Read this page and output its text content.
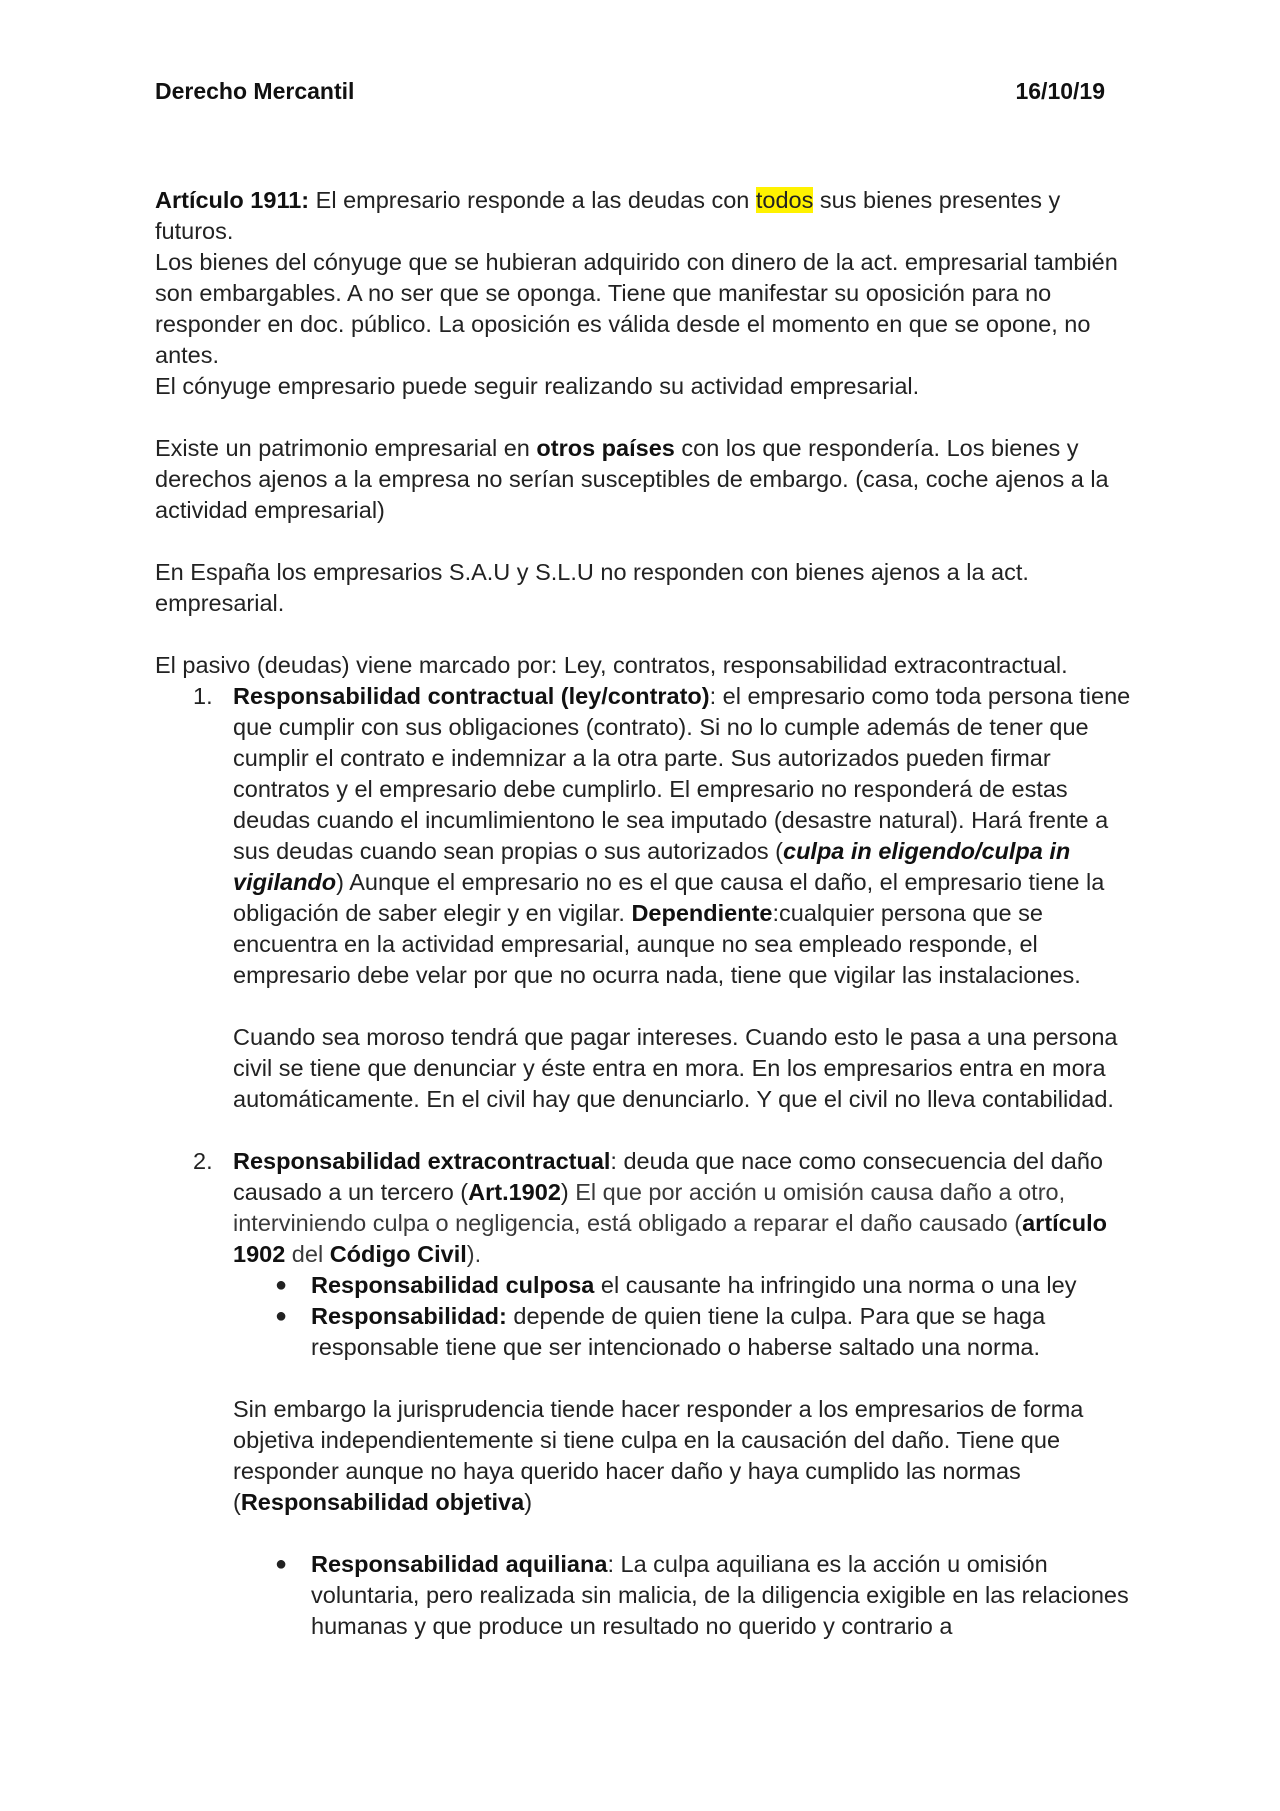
Derecho Mercantil	16/10/19

Artículo 1911: El empresario responde a las deudas con todos sus bienes presentes y futuros.

Los bienes del cónyuge que se hubieran adquirido con dinero de la act. empresarial también son embargables. A no ser que se oponga. Tiene que manifestar su oposición para no responder en doc. público. La oposición es válida desde el momento en que se opone, no antes.

El cónyuge empresario puede seguir realizando su actividad empresarial.

Existe un patrimonio empresarial en otros países con los que respondería. Los bienes y derechos ajenos a la empresa no serían susceptibles de embargo. (casa, coche ajenos a la actividad empresarial)

En España los empresarios S.A.U y S.L.U no responden con bienes ajenos a la act. empresarial.

El pasivo (deudas) viene marcado por: Ley, contratos, responsabilidad extracontractual.

1. Responsabilidad contractual (ley/contrato): el empresario como toda persona tiene que cumplir con sus obligaciones (contrato). Si no lo cumple además de tener que cumplir el contrato e indemnizar a la otra parte. Sus autorizados pueden firmar contratos y el empresario debe cumplirlo. El empresario no responderá de estas deudas cuando el incumlimientono le sea imputado (desastre natural). Hará frente a sus deudas cuando sean propias o sus autorizados (culpa in eligendo/culpa in vigilando) Aunque el empresario no es el que causa el daño, el empresario tiene la obligación de saber elegir y en vigilar. Dependiente:cualquier persona que se encuentra en la actividad empresarial, aunque no sea empleado responde, el empresario debe velar por que no ocurra nada, tiene que vigilar las instalaciones.

Cuando sea moroso tendrá que pagar intereses. Cuando esto le pasa a una persona civil se tiene que denunciar y éste entra en mora. En los empresarios entra en mora automáticamente. En el civil hay que denunciarlo. Y que el civil no lleva contabilidad.

2. Responsabilidad extracontractual: deuda que nace como consecuencia del daño causado a un tercero (Art.1902) El que por acción u omisión causa daño a otro, interviniendo culpa o negligencia, está obligado a reparar el daño causado (artículo 1902 del Código Civil).

● Responsabilidad culposa el causante ha infringido una norma o una ley
● Responsabilidad: depende de quien tiene la culpa. Para que se haga responsable tiene que ser intencionado o haberse saltado una norma.

Sin embargo la jurisprudencia tiende hacer responder a los empresarios de forma objetiva independientemente si tiene culpa en la causación del daño. Tiene que responder aunque no haya querido hacer daño y haya cumplido las normas (Responsabilidad objetiva)

● Responsabilidad aquiliana: La culpa aquiliana es la acción u omisión voluntaria, pero realizada sin malicia, de la diligencia exigible en las relaciones humanas y que produce un resultado no querido y contrario a
